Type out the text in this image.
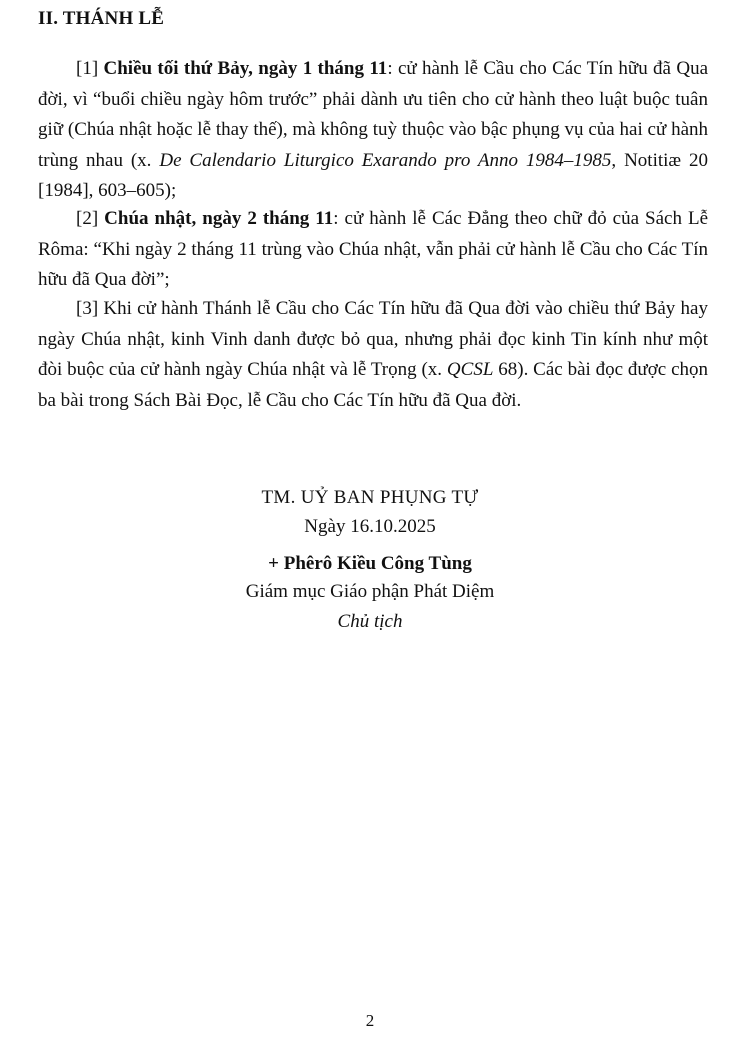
II. THÁNH LỄ

[1] Chiều tối thứ Bảy, ngày 1 tháng 11: cử hành lễ Cầu cho Các Tín hữu đã Qua đời, vì “buổi chiều ngày hôm trước” phải dành ưu tiên cho cử hành theo luật buộc tuân giữ (Chúa nhật hoặc lễ thay thế), mà không tuỳ thuộc vào bậc phụng vụ của hai cử hành trùng nhau (x. De Calendario Liturgico Exarando pro Anno 1984–1985, Notitiæ 20 [1984], 603–605);

[2] Chúa nhật, ngày 2 tháng 11: cử hành lễ Các Đẳng theo chữ đỏ của Sách Lễ Rôma: “Khi ngày 2 tháng 11 trùng vào Chúa nhật, vẫn phải cử hành lễ Cầu cho Các Tín hữu đã Qua đời”;

[3] Khi cử hành Thánh lễ Cầu cho Các Tín hữu đã Qua đời vào chiều thứ Bảy hay ngày Chúa nhật, kinh Vinh danh được bỏ qua, nhưng phải đọc kinh Tin kính như một đòi buộc của cử hành ngày Chúa nhật và lễ Trọng (x. QCSL 68). Các bài đọc được chọn ba bài trong Sách Bài Đọc, lễ Cầu cho Các Tín hữu đã Qua đời.

TM. UỶ BAN PHỤNG TỰ
Ngày 16.10.2025
+ Phêrô Kiều Công Tùng
Giám mục Giáo phận Phát Diệm
Chủ tịch
2
